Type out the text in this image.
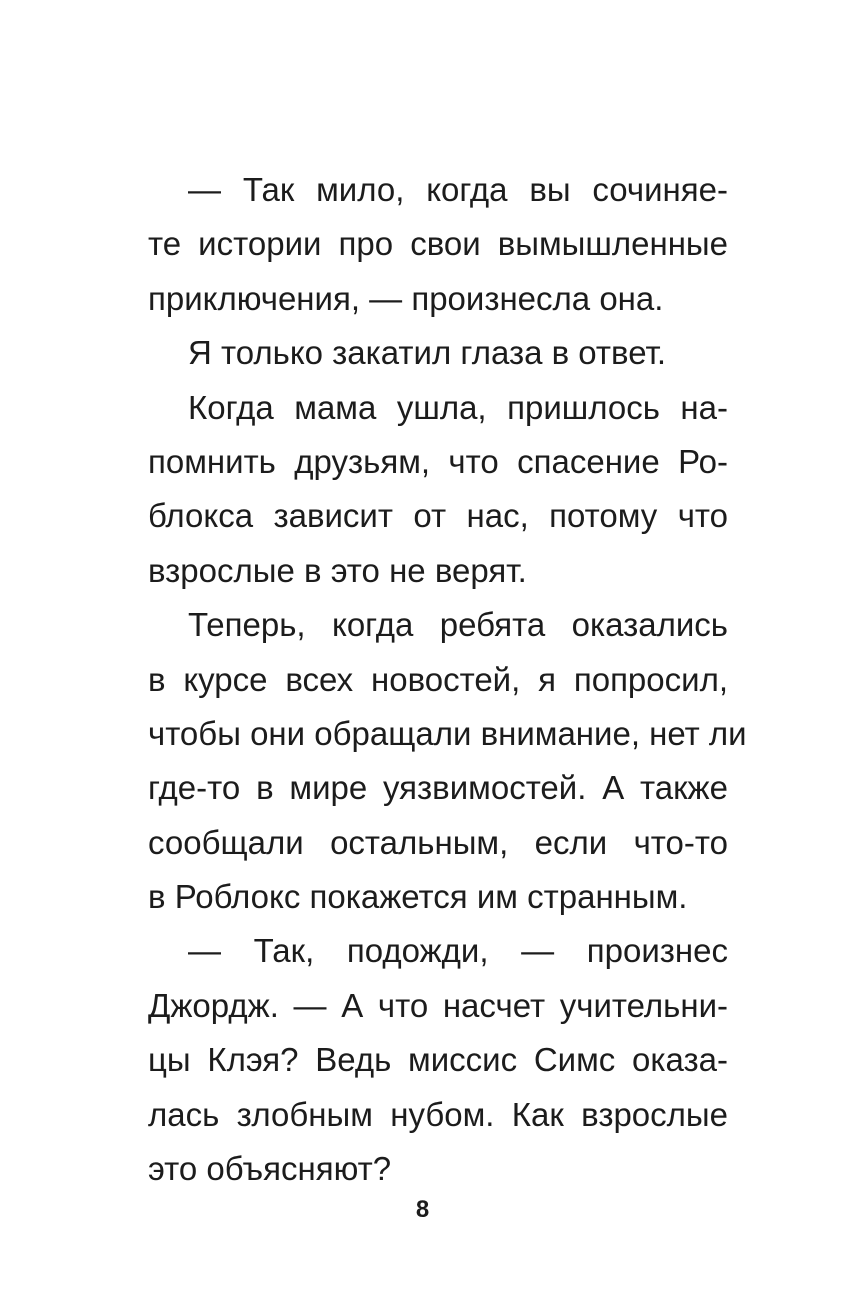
— Так мило, когда вы сочиняе-
те истории про свои вымышленные
приключения, — произнесла она.
Я только закатил глаза в ответ.
Когда мама ушла, пришлось на-
помнить друзьям, что спасение Ро-
блокса зависит от нас, потому что
взрослые в это не верят.
Теперь, когда ребята оказались
в курсе всех новостей, я попросил,
чтобы они обращали внимание, нет ли
где-то в мире уязвимостей. А также
сообщали остальным, если что-то
в Роблокс покажется им странным.
— Так, подожди, — произнес
Джордж. — А что насчет учительни-
цы Клэя? Ведь миссис Симс оказа-
лась злобным нубом. Как взрослые
это объясняют?
8
